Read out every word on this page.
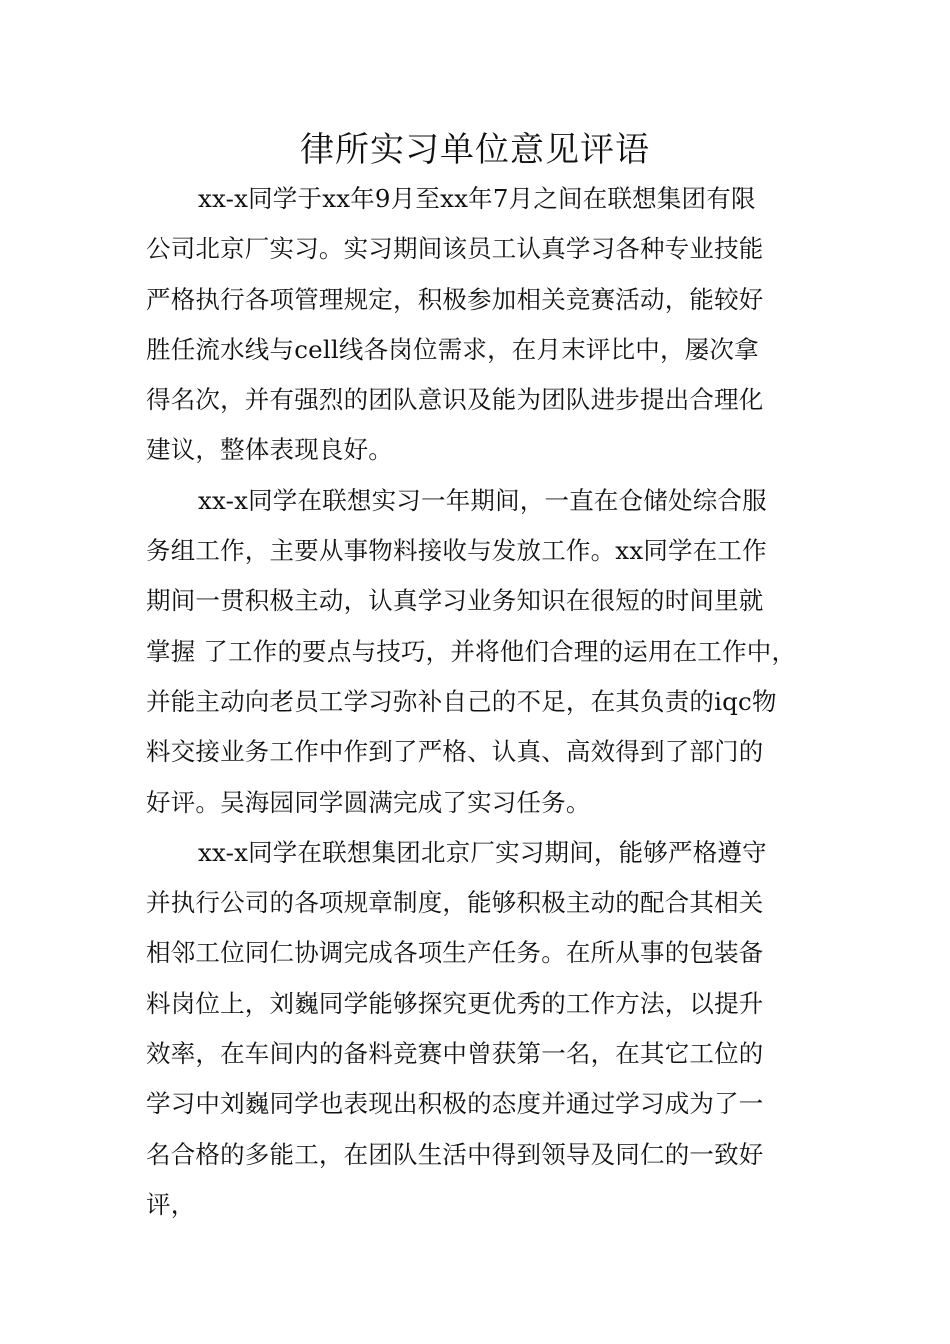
律所实习单位意见评语

xx-x同学于xx年9月至xx年7月之间在联想集团有限
公司北京厂实习。实习期间该员工认真学习各种专业技能
严格执行各项管理规定，积极参加相关竞赛活动，能较好
胜任流水线与cell线各岗位需求，在月末评比中，屡次拿
得名次，并有强烈的团队意识及能为团队进步提出合理化
建议，整体表现良好。

xx-x同学在联想实习一年期间，一直在仓储处综合服
务组工作，主要从事物料接收与发放工作。xx同学在工作
期间一贯积极主动，认真学习业务知识在很短的时间里就
掌握 了工作的要点与技巧，并将他们合理的运用在工作中，
并能主动向老员工学习弥补自己的不足，在其负责的iqc物
料交接业务工作中作到了严格、认真、高效得到了部门的
好评。吴海园同学圆满完成了实习任务。

xx-x同学在联想集团北京厂实习期间，能够严格遵守
并执行公司的各项规章制度，能够积极主动的配合其相关
相邻工位同仁协调完成各项生产任务。在所从事的包装备
料岗位上，刘巍同学能够探究更优秀的工作方法，以提升
效率，在车间内的备料竞赛中曾获第一名，在其它工位的
学习中刘巍同学也表现出积极的态度并通过学习成为了一
名合格的多能工，在团队生活中得到领导及同仁的一致好
评，
